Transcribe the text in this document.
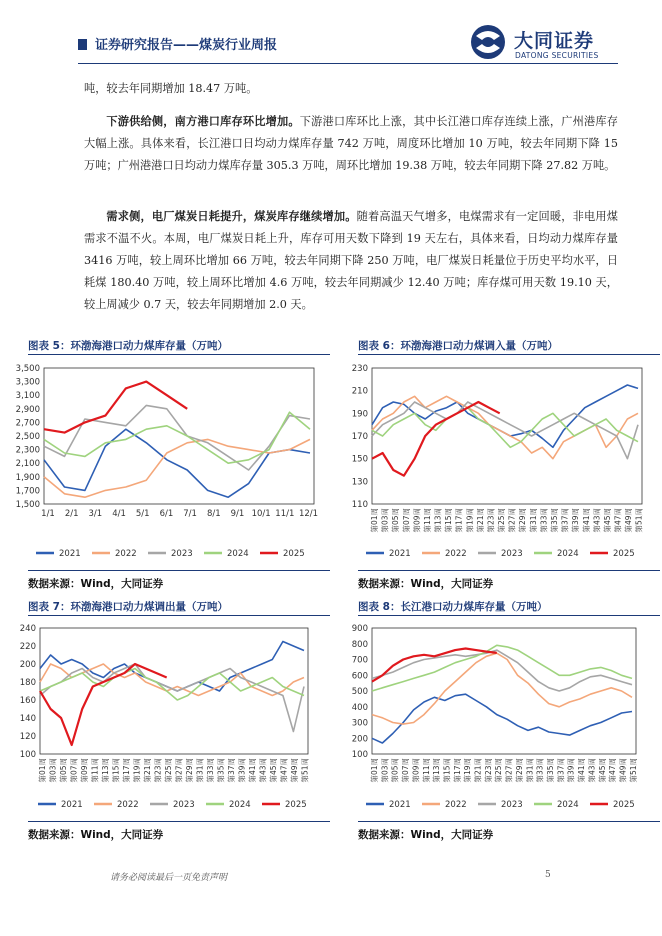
证券研究报告——煤炭行业周报	大同证券
DATONG SECURITIES
吨，较去年同期增加 18.47 万吨。
下游供给侧，南方港口库存环比增加。下游港口库环比上涨，其中长江港口库存连续上涨，广州港库存大幅上涨。具体来看，长江港口日均动力煤库存量 742 万吨，周度环比增加 10 万吨，较去年同期下降 15 万吨；广州港港口日均动力煤库存量 305.3 万吨，周环比增加 19.38 万吨，较去年同期下降 27.82 万吨。
需求侧，电厂煤炭日耗提升，煤炭库存继续增加。随着高温天气增多，电煤需求有一定回暖，非电用煤需求不温不火。本周，电厂煤炭日耗上升，库存可用天数下降到 19 天左右，具体来看，日均动力煤库存量 3416 万吨，较上周环比增加 66 万吨，较去年同期下降 250 万吨，电厂煤炭日耗量位于历史平均水平，日耗煤 180.40 万吨，较上周环比增加 4.6 万吨，较去年同期减少 12.40 万吨；库存煤可用天数 19.10 天，较上周减少 0.7 天，较去年同期增加 2.0 天。
图表 5：环渤海港口动力煤库存量（万吨）	图表 6：环渤海港口动力煤调入量（万吨）
1,500
1,700
1,900
2,100
2,300
2,500
2,700
2,900
3,100
3,300
3,500
1/1 2/1 3/1 4/1 5/1 6/1 7/1 8/1 9/1 10/1 11/1 12/1
2021	2022	2023	2024	2025
110
130
150
170
190
210
230
第01周 第03周 第05周 第07周 第09周 第11周 第13周 第15周 第17周 第19周 第21周 第23周 第25周 第27周 第29周 第31周 第33周 第35周 第37周 第39周 第41周 第43周 第45周 第47周 第49周 第51周
2021	2022	2023	2024	2025
数据来源：Wind，大同证券	数据来源：Wind，大同证券
图表 7：环渤海港口动力煤调出量（万吨）	图表 8：长江港口动力煤库存量（万吨）
100
120
140
160
180
200
220
240
第01周 第03周 第05周 第07周 第09周 第11周 第13周 第15周 第17周 第19周 第21周 第23周 第25周 第27周 第29周 第31周 第33周 第35周 第37周 第39周 第41周 第43周 第45周 第47周 第49周 第51周
2021	2022	2023	2024	2025
100
200
300
400
500
600
700
800
900
第01周 第03周 第05周 第07周 第09周 第11周 第13周 第15周 第17周 第19周 第21周 第23周 第25周 第27周 第29周 第31周 第33周 第35周 第37周 第39周 第41周 第43周 第45周 第47周 第49周 第51周
2021	2022	2023	2024	2025
数据来源：Wind，大同证券	数据来源：Wind，大同证券
请务必阅读最后一页免责声明	5
